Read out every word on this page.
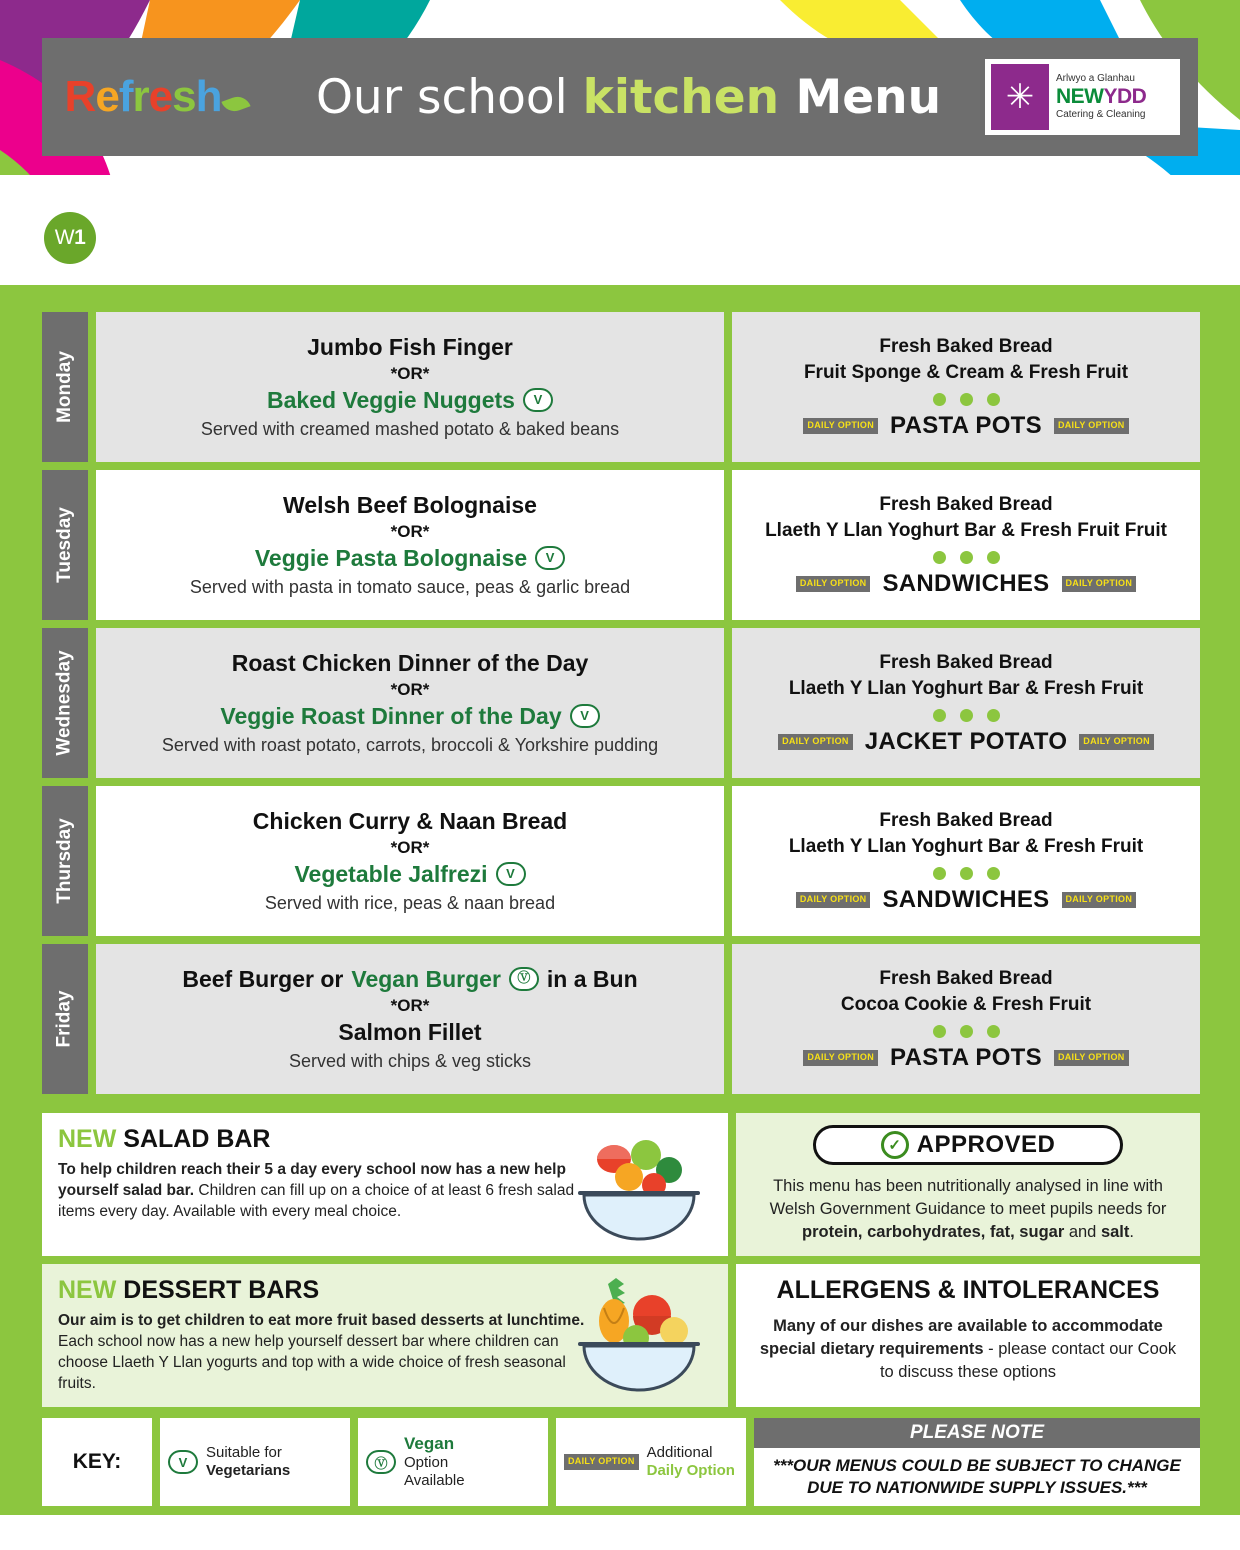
Refresh	Our school kitchen Menu	✳	Arlwyo a Glanhau
NEWYDD
Catering & Cleaning
W 1
Monday
Jumbo Fish Finger
*OR*
Baked Veggie Nuggets V
Served with creamed mashed potato & baked beans
Fresh Baked Bread
Fruit Sponge & Cream & Fresh Fruit
DAILY OPTION PASTA POTS	DAILY OPTION
Tuesday
Welsh Beef Bolognaise
*OR*
Veggie Pasta Bolognaise V
Served with pasta in tomato sauce, peas & garlic bread
Fresh Baked Bread
Llaeth Y Llan Yoghurt Bar & Fresh Fruit Fruit
DAILY OPTION SANDWICHES	DAILY OPTION
Wednesday	Roast Chicken Dinner of the Day
*OR*
Veggie Roast Dinner of the Day V
Served with roast potato, carrots, broccoli & Yorkshire pudding
Fresh Baked Bread
Llaeth Y Llan Yoghurt Bar & Fresh Fruit
DAILY OPTION JACKET POTATO	DAILY OPTION
Thursday	Chicken Curry & Naan Bread
*OR*
Vegetable Jalfrezi V
Served with rice, peas & naan bread
Fresh Baked Bread
Llaeth Y Llan Yoghurt Bar & Fresh Fruit
DAILY OPTION SANDWICHES	DAILY OPTION
Friday
Beef Burger or Vegan Burger Ⓥ in a Bun
*OR*
Salmon Fillet
Served with chips & veg sticks
Fresh Baked Bread
Cocoa Cookie & Fresh Fruit
DAILY OPTION PASTA POTS	DAILY OPTION
NEW SALAD BAR
To help children reach their 5 a day every school now has a new help yourself salad bar. Children can fill up on a choice of at least 6 fresh salad items every day. Available with every meal choice.
✓ APPROVED
This menu has been nutritionally analysed in line with Welsh Government Guidance to meet pupils needs for protein, carbohydrates, fat, sugar and salt.
NEW DESSERT BARS
Our aim is to get children to eat more fruit based desserts at lunchtime. Each school now has a new help yourself dessert bar where children can choose Llaeth Y Llan yogurts and top with a wide choice of fresh seasonal fruits.
ALLERGENS & INTOLERANCES
Many of our dishes are available to accommodate special dietary requirements - please contact our Cook to discuss these options
KEY:	V
Suitable for
Vegetarians	Ⓥ
Vegan
Option
Available
DAILY OPTION
Additional
Daily Option
PLEASE NOTE
***OUR MENUS COULD BE SUBJECT TO CHANGE DUE TO NATIONWIDE SUPPLY ISSUES.***
